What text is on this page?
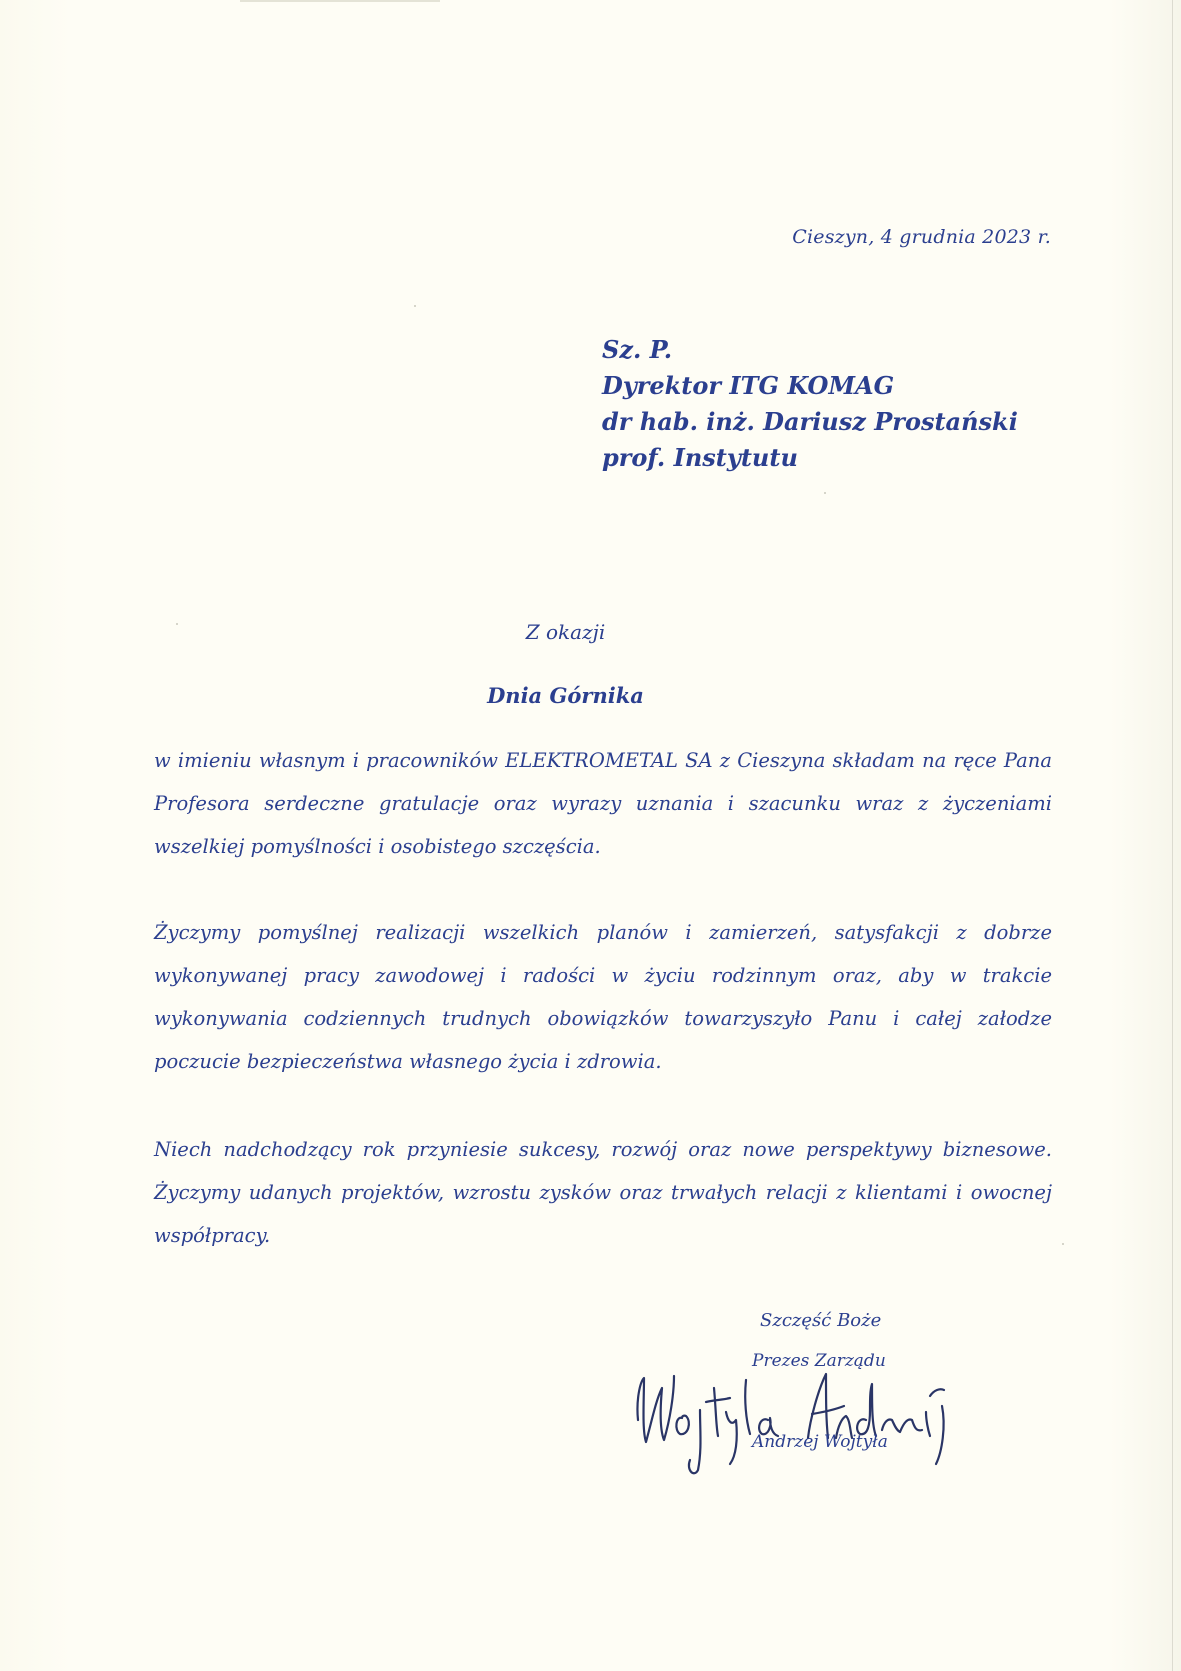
Cieszyn, 4 grudnia 2023 r.
Sz. P.
Dyrektor ITG KOMAG
dr hab. inż. Dariusz Prostański
prof. Instytutu
Z okazji
Dnia Górnika
w imieniu własnym i pracowników ELEKTROMETAL SA z Cieszyna składam na ręce Pana Profesora serdeczne gratulacje oraz wyrazy uznania i szacunku wraz z życzeniami wszelkiej pomyślności i osobistego szczęścia.
Życzymy pomyślnej realizacji wszelkich planów i zamierzeń, satysfakcji z dobrze wykonywanej pracy zawodowej i radości w życiu rodzinnym oraz, aby w trakcie wykonywania codziennych trudnych obowiązków towarzyszyło Panu i całej załodze poczucie bezpieczeństwa własnego życia i zdrowia.
Niech nadchodzący rok przyniesie sukcesy, rozwój oraz nowe perspektywy biznesowe. Życzymy udanych projektów, wzrostu zysków oraz trwałych relacji z klientami i owocnej współpracy.
Szczęść Boże
Prezes Zarządu
Andrzej Wojtyła
